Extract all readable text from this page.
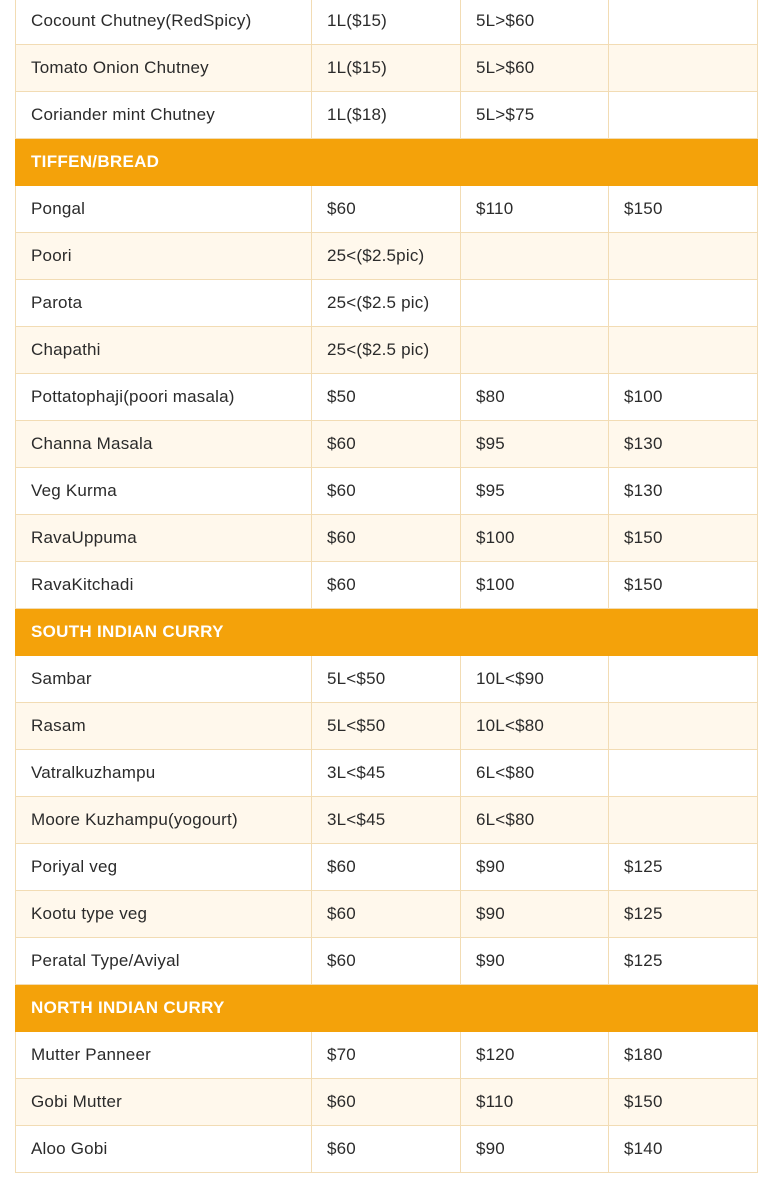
Cocount Chutney(RedSpicy)	1L($15)	5L>$60	
Tomato Onion Chutney	1L($15)	5L>$60	
Coriander mint Chutney	1L($18)	5L>$75	
TIFFEN/BREAD			
Pongal	$60	$110	$150
Poori	25<($2.5pic)		
Parota	25<($2.5 pic)		
Chapathi	25<($2.5 pic)		
Pottatophaji(poori masala)	$50	$80	$100
Channa Masala	$60	$95	$130
Veg Kurma	$60	$95	$130
RavaUppuma	$60	$100	$150
RavaKitchadi	$60	$100	$150
SOUTH INDIAN CURRY			
Sambar	5L<$50	10L<$90	
Rasam	5L<$50	10L<$80	
Vatralkuzhampu	3L<$45	6L<$80	
Moore Kuzhampu(yogourt)	3L<$45	6L<$80	
Poriyal veg	$60	$90	$125
Kootu type veg	$60	$90	$125
Peratal Type/Aviyal	$60	$90	$125
NORTH INDIAN CURRY			
Mutter Panneer	$70	$120	$180
Gobi Mutter	$60	$110	$150
Aloo Gobi	$60	$90	$140
